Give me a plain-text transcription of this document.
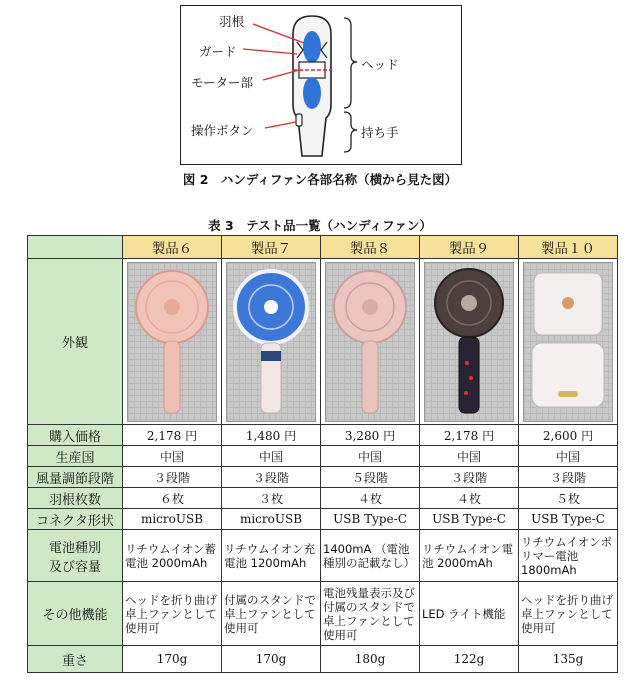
羽根
ガード
モーター部
操作ボタン
ヘッド
持ち手
図 2　ハンディファン各部名称（横から見た図）
表 3　テスト品一覧（ハンディファン）
	製品６	製品７	製品８	製品９	製品１０
外観	

購入価格	2,178 円	1,480 円	3,280 円	2,178 円	2,600 円
生産国	中国	中国	中国	中国	中国
風量調節段階	３段階	３段階	５段階	３段階	３段階
羽根枚数	６枚	３枚	４枚	４枚	５枚
コネクタ形状	microUSB	microUSB	USB Type-C	USB Type-C	USB Type-C

電池種別
及び容量	リチウムイオン蓄電池 2000mAh	リチウムイオン充電池 1200mAh	1400mA （電池種別の記載なし）	リチウムイオン電池 2000mAh	リチウムイオンポリマー電池 1800mAh
その他機能	ヘッドを折り曲げ卓上ファンとして使用可	付属のスタンドで卓上ファンとして使用可	電池残量表示及び付属のスタンドで卓上ファンとして使用可	LED ライト機能	ヘッドを折り曲げ卓上ファンとして使用可
重さ	170g	170g	180g	122g	135g
